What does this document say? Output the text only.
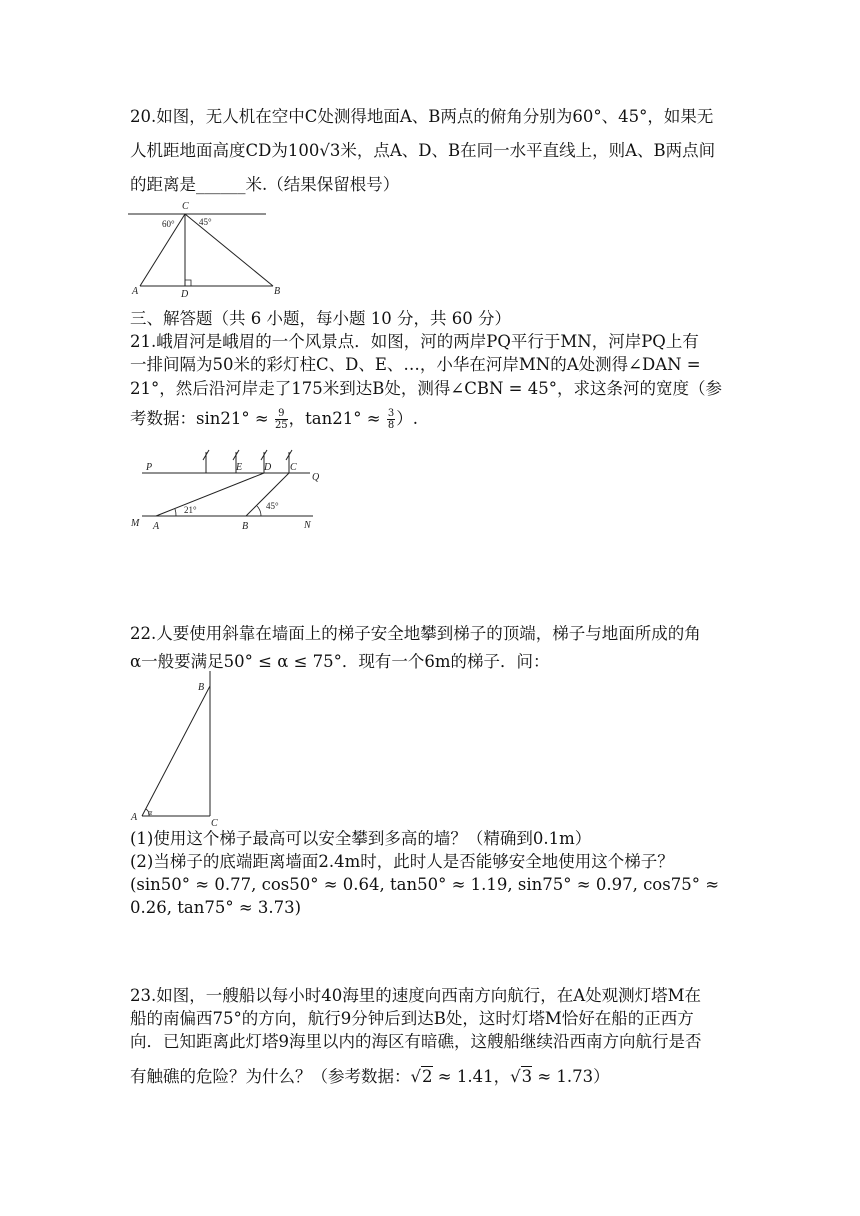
20.如图，无人机在空中C处测得地面A、B两点的俯角分别为60°、45°，如果无
人机距地面高度CD为100√3米，点A、D、B在同一水平直线上，则A、B两点间
的距离是______米.（结果保留根号）
C
A	D	B
60°	45°
三、解答题（共 6 小题，每小题 10 分，共 60 分）
21.峨眉河是峨眉的一个风景点．如图，河的两岸PQ平行于MN，河岸PQ上有
一排间隔为50米的彩灯柱C、D、E、…，小华在河岸MN的A处测得∠DAN =
21°，然后沿河岸走了175米到达B处，测得∠CBN = 45°，求这条河的宽度（参
考数据：$\sin 21^\circ \approx \frac{9}{25}$ ，$\tan 21^\circ \approx \frac{3}{8}$ ）.
P	E D C
Q
M A	B	N
21°	45°
22.人要使用斜靠在墙面上的梯子安全地攀到梯子的顶端，梯子与地面所成的角
α一般要满足50° ≤ α ≤ 75°．现有一个6m的梯子．问：
B
A α
C
(1)使用这个梯子最高可以安全攀到多高的墙？（精确到0.1m）
(2)当梯子的底端距离墙面2.4m时，此时人是否能够安全地使用这个梯子？
(sin50° ≈ 0.77, cos50° ≈ 0.64, tan50° ≈ 1.19, sin75° ≈ 0.97, cos75° ≈
0.26, tan75° ≈ 3.73)
23.如图，一艘船以每小时40海里的速度向西南方向航行，在A处观测灯塔M在
船的南偏西75°的方向，航行9分钟后到达B处，这时灯塔M恰好在船的正西方
向．已知距离此灯塔9海里以内的海区有暗礁，这艘船继续沿西南方向航行是否
有触礁的危险？为什么？（参考数据：√2 ≈ 1.41，√3 ≈ 1.73）
